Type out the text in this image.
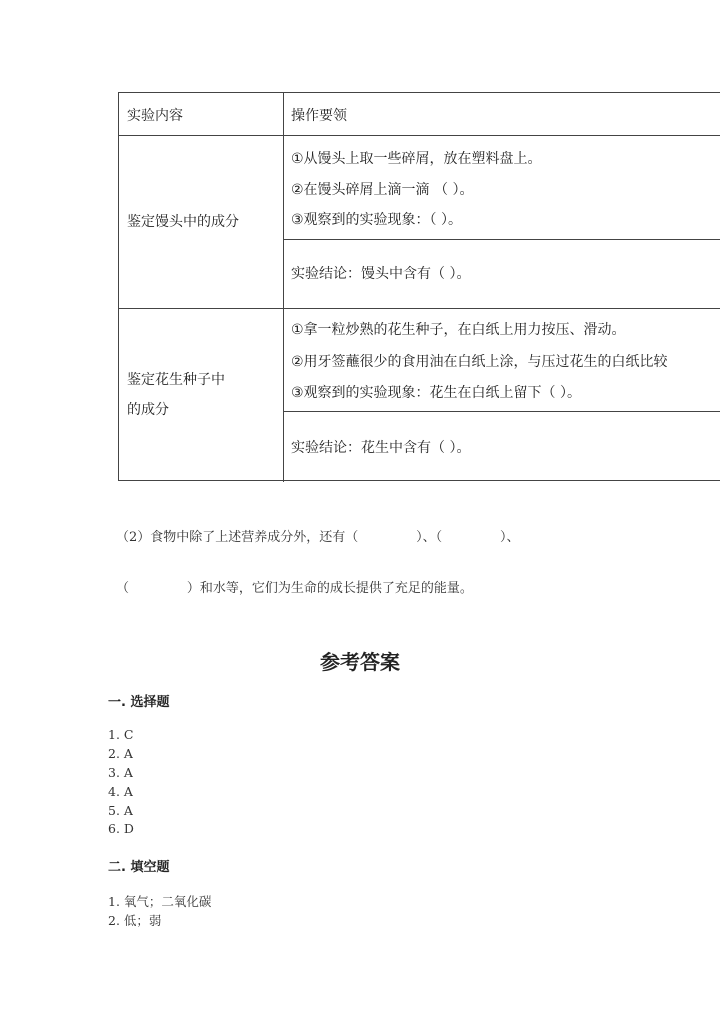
实验内容	操作要领
鉴定馒头中的成分
①从馒头上取一些碎屑，放在塑料盘上。
②在馒头碎屑上滴一滴 （ ）。
③观察到的实验现象：（ ）。
实验结论：馒头中含有（ ）。
鉴定花生种子中
的成分
①拿一粒炒熟的花生种子，在白纸上用力按压、滑动。
②用牙签蘸很少的食用油在白纸上涂，与压过花生的白纸比较
③观察到的实验现象：花生在白纸上留下（ ）。
实验结论：花生中含有（ ）。
（2）食物中除了上述营养成分外，还有（              ）、（              ）、
（              ）和水等，它们为生命的成长提供了充足的能量。
参考答案
一. 选择题
1. C
2. A
3. A
4. A
5. A
6. D
二. 填空题
1. 氧气；二氧化碳
2. 低；弱
